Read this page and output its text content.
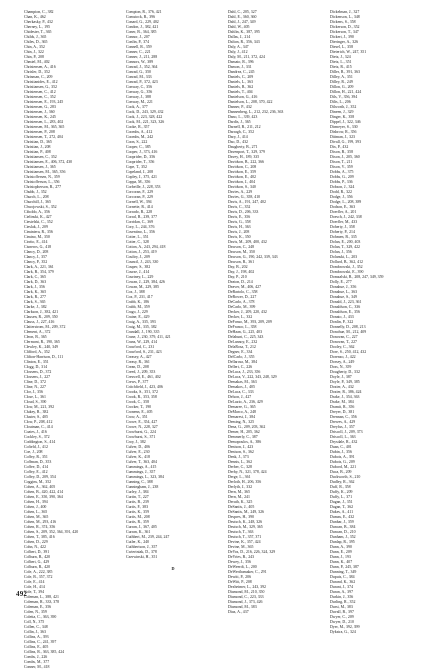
Champion, C., 382
Chan, K., 462
Cherkasky, P., 432
Cherney, L., 195
Chidester, T., 365
Childs, J., 365
Chiles, D., 365
Chin, A., 352
Chin, J., 322
Chin, P., 208
Chmiel, M., 402
Christensen, A., 416
Chrisler, D., 352
Chrisman, C., 209
Christianides, E., 412
Christiansen, G., 352
Christensen, C., 412
Christensen, C., 352
Christensen, E., 193, 245
Christensen, G., 283
Christensen, J., 360
Christensen, K., 245
Christensen, L., 283, 402
Christensen, M., 365, 365
Christensen, P., 208
Christensen, T., 272, 404
Christian, D., 365
Christian, J., 208
Christian, P., 408
Christiansen, C., 352
Christiansen, E., 406, 372, 430
Christiansen, J., 365
Christiansen, M., 365, 356
Christoffersen, N., 359
Christofferson, L., 356
Christopherson, R., 277
Chubb, J., 352
Church, L., 208
Churchill, J., 365
Chwojowski, S., 352
Ciboldo, A., 356
Cielinski, K., 427
Ciesielski, C., 352
Cieslak, J., 209
Ciminiera, R., 356
Cimino, M., 350
Cirrito, E., 414
Cisneros, G., 418
Clancy, D., 208
Clancy, J., 357
Clancy, P., 352
Clark, A., 221, 361
Clark, B., 354, 379
Clark, C., 365
Clark, D., 363
Clark, J., 356
Clark, K., 365
Clark, R., 277
Clark, S., 365
Clarke, J., 382
Clarkson, J., 382, 421
Clausen, R., 209, 350
Clauss, J., 227, 416
Clatterstrom, M., 209, 372
Clement, A., 372
Cleon, B., 365
Clermont, R., 190, 365
Clewley, K., 240, 349
Clifford, A., 352
Clifton-Harrison, D., 111
Clinton, E., 351
Clogg, D., 314
Clossens, D., 372
Clossens, J., 227
Cline, D., 372
Cline, N., 227
Clor, J., 356
Close, L., 361
Cloud, S., 390
Clow, M., 221, 392
Clukey, R., 382
Cluster, S., 405
Clow, P., 208, 412
Cloutman, C., 414
Coates, J., 416
Cockley, S., 372
Coddington, S., 414
Cofield, J., 412
Coe, J., 208
Coffey, R., 351
Coffman, D., 353
Coffee, D., 414
Coffey, E., 412
Coffey, D., 209, 354
Coggins, M., 352
Cohen, A., 362, 405
Cohen, B., 420, 422, 414
Cohen, E., 350, 390, 364
Cohen, H., 394
Cohen, J., 400
Cohen, L., 365
Cohen, M., 365
Cohen, M., 293, 416
Cohen, R., 374, 356
Cohen, S., 209, 352, 364, 391, 420
Cohen, T., 385, 416
Cohen, D., 229
Cohn, N., 422
Colbert, D., 391
Colburn, B., 420
Colbert, G., 429
Colburn, R., 420
Cole, A., 222, 385
Cole, B., 357, 372
Cole, E., 414
Cole, H., 414
Cole, T., 394
Coleman, L., 388, 421
Coleman, R., 333, 378
Coleman, E., 356
Colen, N., 359
Coletta, C., 363, 390
Coll, N., 375
Collen, C., 348
Collin, J., 363
Collins, A., 393
Collins, C., 241, 397
Collins, E., 405
Collins, R., 363, 385, 424
Combs, J., 226
Combs, M., 377
Conner, M., 418
Compton, R., 376, 421
Comstock, R., 396
Conard, G., 229, 402
Condon, J., 382, 421
Coner, B., 364, 385
Connor, J., 207
Conlin, P., 374
Connell, R., 359
Conner, C., 221
Conner, J., 211, 288
Connors, W., 389
Conrad, J., 352, 364
Conrad, G., 350
Conrad, M., 333
Conrad, P., 372, 423
Conway, C., 356
Conway, G., 356
Conway, J., 388
Conway, M., 221
Cook, A., 377
Cook, D., 243, 329, 432
Cook, J., 223, 328, 422
Cook, M., 221, 323, 326
Cooke, R., 357
Coombs, A., 412
Coombs, M., 242
Coon, S., 222
Cooper, C., 385
Cooper, J., 373, 416
Cooprider, D., 356
Cooprider, T., 356
Cope, T., 352
Copeland, J., 208
Copley, J., 375, 421
Coppa, M., 356
Corbeille, J., 228, 353
Corcoran, F., 229
Corcoran, P., 229
Cornell, W., 394
Cornette, R., 414
Corrado, R., 228
Corral, R., 239, 377
Corridan, C., 369
Cory, L., 244, 376
Cosentino, L., 356
Cotter, L., 351
Cotter, C., 328
Cotton, A., 243, 294, 418
Cotton, J., 253, 419
Coultry, J., 209
Council, J., 243, 330
Couper, S., 382
Course, J., 414
Courtney, L., 229
Cowan, J., 229, 384, 426
Cowan, M., 229, 385
Cox, J., 388
Cox, P., 231, 417
Crabb, K., 186
Crabb, M., 359
Crago, J., 229
Craine, E., 429
Craig, A., 335, 393
Craig, M., 335, 382
Crandall, J., 190, 335
Crane, J., 230, 379, 411, 421
Cranz, W., 229, 414
Crawford, C., 231
Crawford, S., 231, 423
Creasey, A., 427
Creasy, R., 361
Crean, D., 208
Creed, J., 209, 353
Creswell, E., 461, 402
Crews, P., 377
Critchfield, J., 423, 406
Crooks, S., 351, 372
Crook, R., 353, 358
Crook, C., 358
Crocker, T., 190
Cronenn, E., 405
Crow, A., 351
Crowe, E., 354, 427
Crowe, N., 228, 327
Crowhurst, G., 224
Crowhurst, S., 371
Croy, J., 382
Culver, D., 406
Culver, E., 230
Culver, K., 418
Culver, T., 363, 404
Cummings, A., 415
Cummings, J., 357
Cummings, L., 323, 384
Cunning, C., 388
Cunningham, J., 238
Curley, J., 384
Curtin, T., 227
Curtis, B., 239
Curtis, F., 383
Curtis, K., 359
Curtis, M., 208
Curtis, R., 359
Curran, J., 367, 405
Curran, K., 361
Cuthbert, M., 239, 244, 247
Cutler, K., 240
Cuthbertson, J., 357
Cwiertniak, D., 378
Czerwinski, H., 351
D
Dahl, C., 205, 327
Dahl, E., 360, 360
Dahl, J., 247, 349
Dahl, W., 405
Dahlin, K., 387, 395
Dallas, J., 214
Dalton, R., 356, 343
Daly, A., 347
Daly, J., 412
Daly, M., 211, 372, 424
Damato, R., 396
Damon, J., 331
Dandrea, C., 245
Daniels, C., 209
Daniels, L., 363
Daniels, R., 362
Daniels, T., 404
Danielson, G., 416
Danielson, L., 208, 370, 422
Danner, P., 432
Dannenberg, L., 212, 232, 236, 363
Dano, L., 339, 423
Dardis, J., 365
Darnell, B., 211, 212
Darragh, C., 352
Dary, J., 414
Dao, D., 432
Daugherty, B., 271
Davenport, T., 329, 379
Davey, H., 189, 335
Davidson, B., 222, 366
Davidson, C., 208
Davidson, E., 359
Davidson, E., 402
Davidson, J., 404
Davidson, S., 340
Davies, A., 229
Davies, G., 358, 410
Davis, A., 191, 247, 402
Davis, C., 352
Davis, D., 206, 333
Davis, E., 356
Davis, G., 358
Davis, H., 363
Davis, J., 208
Davis, K., 350
Davis, M., 209, 400, 432
Dawson, C., 248
Dawson, M., 350
Dawson, G., 190, 242, 339, 343
Dawson, R., 361
Day, B., 202
Day, J., 198, 402
Day, P., 210
Deaton, D., 214
Deaver, M., 406, 427
DeBartolo, C., 358
DeBower, D., 227
DeCarlo, A., 378
DeCarlo, M., 399
Decker, J., 209, 220, 432
Decker, L., 332
DeFonso, M., 393, 209, 209
DeFranco, L., 358
DeHaan, G., 225, 403
Delahunt, C., 225, 343
DeLannoy, E., 232
DelaRosa, T., 212
Degner, E., 334
DelCarlo, J., 355
Dellarosa, M., 384
Dellert, C., 226
DeLuca, J., 233, 356
DeLuca, V., 222, 343, 248, 329
Demakas, M., 363
Demakos, J., 405
DeLuca, C., 333
Delson, J., 427
DeLuzio, A., 236, 429
Demaree, G., 365
DeMarco, A., 248
Demarest, J., 384
Deming, N., 325
Dena, G., 209, 203, 362
Demer, H., 205, 362
Demmerly, C., 387
Demopoulos, A., 386
Denison, J., 423
Denison, S., 362
Denk, J., 373
Dennis, L., 362
Derber, C., 328
Derby, N., 321, 378, 424
Derge, L., 361
Derloth, H., 206, 356
Derlyth, J., 332
Dern, M., 365
Dern, M., 241
Deruth, K., 325
DeSantis, J., 405
DeSantis, M., 249, 326
Despres, H., 390
Deutsch, K., 248, 326
Deutsch, M., 329, 365
Deutsch, T., 363
Deutsch, T., 357, 371
Devine, K., 357, 424
Devine, M., 365
DeVos, D., 216, 226, 324, 329
DeVries, B., 243
Dewey, J., 356
DeWeerdt, L., 200
DeWerthamaker, C., 291
Dewitt, P., 206
DeWitt, P., 208
Dexheimer, L., 243, 392
Diamond, M., 210, 350
Diamond, C., 223, 333
Diamond, J., 373, 426
Diamond, M., 383
Diaz, A., 437
Dickelman, J., 327
Dickenson, L., 348
Dickens, S., 358
Dickerson, D., 352
Dickerson, T., 347
Dickert, J., 390
Dieringer, A., 326
Diesel, L., 358
Dieterich, W., 247, 351
Dietz, J., 324
Dietz, L., 351
Dietz, R., 415
Diller, R., 391, 363
Dilley, A., 351
Dilley, R., 249
Dillon, G., 209
Dillon, H., 221, 424
Dils, V., 356, 394
Dilts, L., 206
Dilworth, J., 352
Dineen, J., 329
Dinger, K., 358
Dippel, J., 322, 346
Dirmeyer, S., 330
Disbrow, R., 356
Dittman, J., 323
Divall, G., 199, 393
Dix, P., 432
Dixon, B., 358
Dixon, J., 205, 360
Dixon, T., 211
Dixon, V., 359
Dobbs, A., 375
Dobbs, G., 209
Dobbs, P., 336
Dobson, J., 324
Dodd, R., 322
Dodge, J., 356
Dodge, L., 208, 389
Dodson, E., 363
Doerfler, A., 201
Doesch, J., 242, 338
Doerfler, M., 433
Doherty, J., 358
Doherty, P., 214
Dohmen, B., 335
Dolan, E., 200, 403
Dolan, T., 329, 422
Dolan, J., 356
Dolanski, L., 203
Dollard, B., 362, 412
Dombrowski, J., 352
Dombrowski, E., 390
Domzalski, B., 208, 247, 349, 359
Dolly, E., 277
Donahue, J., 356
Donahue, L., 363
Donahue, S., 349
Donald, J., 223, 361
Donaldson, C., 336
Donaldson, E., 356
Donato, J., 433
Donlin, P., 322
Donnelly, D., 208, 213
Donohue, M., 212, 409
Donovan, C., 227
Donovan, T., 227
Dooley, C., 362
Dore, S., 250, 412, 432
Dorenzo, J., 422
Dorsey, A., 249
Doss, N., 359
Dougherty, D., 332
Doyle, J., 387
Doyle, P., 349, 385
Dozier, A., 432
Dozier, R., 386, 424
Drake, J., 354, 363
Drake, M., 384
Dramit, R., 356
Dreyer, D., 381
Drennan, C., 356
Drewes, A., 429
Dreyfus, J., 357
Driscoll, J., 209, 373
Driscoll, L., 363
Drysdale, R., 432
Duan, C., 401
Dubin, J., 356
Dubois, A., 391
Dubois, G., 209
Dubord, M., 221
Duca, B., 209
Duckworth, S., 210
Dudley, R., 362
Duff, R., 358
Duffy, K., 209
Duffy, L., 371
Dugan, J., 351
Dugan, T., 362
Dukes, A., 411
Dumas, E., 432
Dunbar, J., 359
Duncan, B., 384
Duncan, D., 210
Dunham, J., 352
Dunlap, R., 395
Dunn, A., 390
Dunn, E., 209
Dunn, J., 193
Dunn, K., 407
Dunn, P., 245, 387
Dunning, T., 349
Dupuis, C., 384
Durand, K., 362
Durant, J., 374
Duran, A., 397
Durkin, J., 356
Durling, R., 352
Durst, M., 383
Duvall, B., 397
Dwyer, C., 209
Dwyer, D., 210
Dyer, M., 392, 399
Dykstra, G., 324
492
